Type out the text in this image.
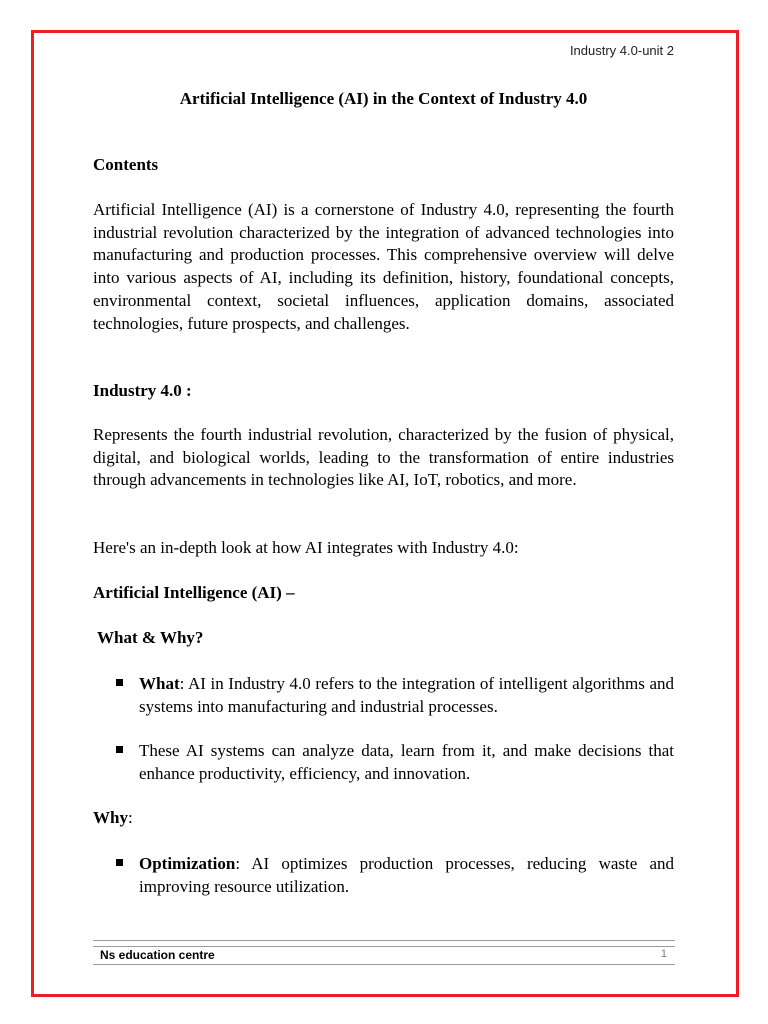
Industry 4.0-unit 2
Artificial Intelligence (AI) in the Context of Industry 4.0
Contents
Artificial Intelligence (AI) is a cornerstone of Industry 4.0, representing the fourth industrial revolution characterized by the integration of advanced technologies into manufacturing and production processes. This comprehensive overview will delve into various aspects of AI, including its definition, history, foundational concepts, environmental context, societal influences, application domains, associated technologies, future prospects, and challenges.
Industry 4.0 :
Represents the fourth industrial revolution, characterized by the fusion of physical, digital, and biological worlds, leading to the transformation of entire industries through advancements in technologies like AI, IoT, robotics, and more.
Here's an in-depth look at how AI integrates with Industry 4.0:
Artificial Intelligence (AI) –
What & Why?
What: AI in Industry 4.0 refers to the integration of intelligent algorithms and systems into manufacturing and industrial processes.
These AI systems can analyze data, learn from it, and make decisions that enhance productivity, efficiency, and innovation.
Why:
Optimization: AI optimizes production processes, reducing waste and improving resource utilization.
Ns education centre	1
